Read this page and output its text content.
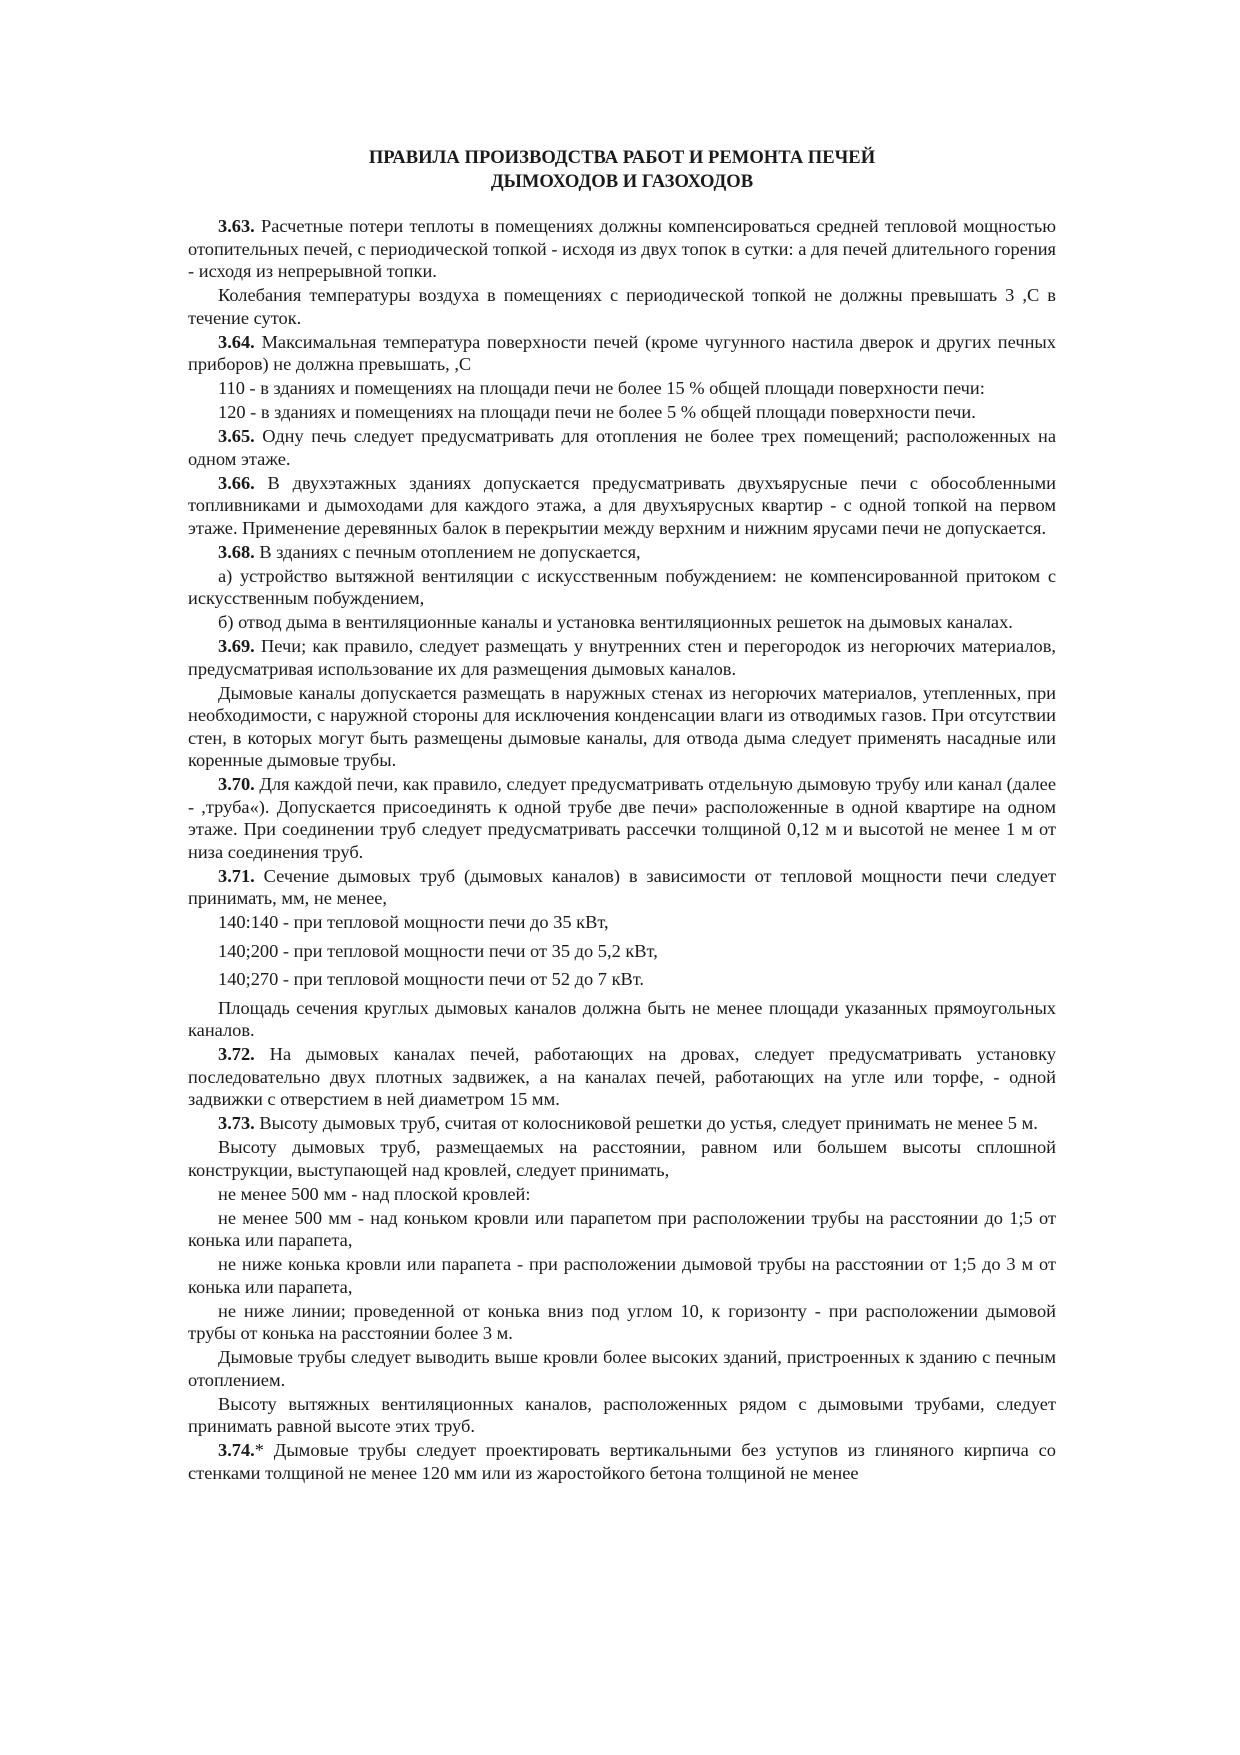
ПРАВИЛА ПРОИЗВОДСТВА РАБОТ И РЕМОНТА ПЕЧЕЙ
ДЫМОХОДОВ И ГАЗОХОДОВ
3.63. Расчетные потери теплоты в помещениях должны компенсироваться средней тепловой мощностью отопительных печей, с периодической топкой - исходя из двух топок в сутки: а для печей длительного горения - исходя из непрерывной топки.
Колебания температуры воздуха в помещениях с периодической топкой не должны превышать 3 ,С в течение суток.
3.64. Максимальная температура поверхности печей (кроме чугунного настила дверок и других печных приборов) не должна превышать, ,С
110 - в зданиях и помещениях на площади печи не более 15 % общей площади поверхности печи:
120 - в зданиях и помещениях на площади печи не более 5 % общей площади поверхности печи.
3.65. Одну печь следует предусматривать для отопления не более трех помещений; расположенных на одном этаже.
3.66. В двухэтажных зданиях допускается предусматривать двухъярусные печи с обособленными топливниками и дымоходами для каждого этажа, а для двухъярусных квартир - с одной топкой на первом этаже. Применение деревянных балок в перекрытии между верхним и нижним ярусами печи не допускается.
3.68. В зданиях с печным отоплением не допускается,
а) устройство вытяжной вентиляции с искусственным побуждением: не компенсированной притоком с искусственным побуждением,
б) отвод дыма в вентиляционные каналы и установка вентиляционных решеток на дымовых каналах.
3.69. Печи; как правило, следует размещать у внутренних стен и перегородок из негорючих материалов, предусматривая использование их для размещения дымовых каналов.
Дымовые каналы допускается размещать в наружных стенах из негорючих материалов, утепленных, при необходимости, с наружной стороны для исключения конденсации влаги из отводимых газов. При отсутствии стен, в которых могут быть размещены дымовые каналы, для отвода дыма следует применять насадные или коренные дымовые трубы.
3.70. Для каждой печи, как правило, следует предусматривать отдельную дымовую трубу или канал (далее - ,труба«). Допускается присоединять к одной трубе две печи» расположенные в одной квартире на одном этаже. При соединении труб следует предусматривать рассечки толщиной 0,12 м и высотой не менее 1 м от низа соединения труб.
3.71. Сечение дымовых труб (дымовых каналов) в зависимости от тепловой мощности печи следует принимать, мм, не менее,
140:140 - при тепловой мощности печи до 35 кВт,
140;200 - при тепловой мощности печи от 35 до 5,2 кВт,
140;270 - при тепловой мощности печи от 52 до 7 кВт.
Площадь сечения круглых дымовых каналов должна быть не менее площади указанных прямоугольных каналов.
3.72. На дымовых каналах печей, работающих на дровах, следует предусматривать установку последовательно двух плотных задвижек, а на каналах печей, работающих на угле или торфе, - одной задвижки с отверстием в ней диаметром 15 мм.
3.73. Высоту дымовых труб, считая от колосниковой решетки до устья, следует принимать не менее 5 м.
Высоту дымовых труб, размещаемых на расстоянии, равном или большем высоты сплошной конструкции, выступающей над кровлей, следует принимать,
не менее 500 мм - над плоской кровлей:
не менее 500 мм - над коньком кровли или парапетом при расположении трубы на расстоянии до 1;5 от конька или парапета,
не ниже конька кровли или парапета - при расположении дымовой трубы на расстоянии от 1;5 до 3 м от конька или парапета,
не ниже линии; проведенной от конька вниз под углом 10, к горизонту - при расположении дымовой трубы от конька на расстоянии более 3 м.
Дымовые трубы следует выводить выше кровли более высоких зданий, пристроенных к зданию с печным отоплением.
Высоту вытяжных вентиляционных каналов, расположенных рядом с дымовыми трубами, следует принимать равной высоте этих труб.
3.74.* Дымовые трубы следует проектировать вертикальными без уступов из глиняного кирпича со стенками толщиной не менее 120 мм или из жаростойкого бетона толщиной не менее
